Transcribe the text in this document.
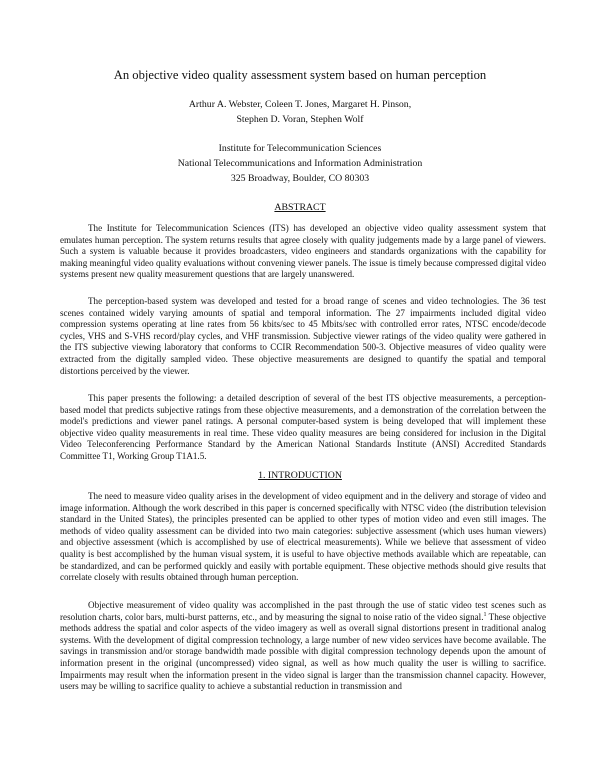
An objective video quality assessment system based on human perception
Arthur A. Webster, Coleen T. Jones, Margaret H. Pinson,
Stephen D. Voran, Stephen Wolf
Institute for Telecommunication Sciences
National Telecommunications and Information Administration
325 Broadway, Boulder, CO 80303
ABSTRACT

The Institute for Telecommunication Sciences (ITS) has developed an objective video quality assessment system that emulates human perception. The system returns results that agree closely with quality judgements made by a large panel of viewers. Such a system is valuable because it provides broadcasters, video engineers and standards organizations with the capability for making meaningful video quality evaluations without convening viewer panels. The issue is timely because compressed digital video systems present new quality measurement questions that are largely unanswered.

The perception-based system was developed and tested for a broad range of scenes and video technologies. The 36 test scenes contained widely varying amounts of spatial and temporal information. The 27 impairments included digital video compression systems operating at line rates from 56 kbits/sec to 45 Mbits/sec with controlled error rates, NTSC encode/decode cycles, VHS and S-VHS record/play cycles, and VHF transmission. Subjective viewer ratings of the video quality were gathered in the ITS subjective viewing laboratory that conforms to CCIR Recommendation 500-3. Objective measures of video quality were extracted from the digitally sampled video. These objective measurements are designed to quantify the spatial and temporal distortions perceived by the viewer.

This paper presents the following: a detailed description of several of the best ITS objective measurements, a perception-based model that predicts subjective ratings from these objective measurements, and a demonstration of the correlation between the model's predictions and viewer panel ratings. A personal computer-based system is being developed that will implement these objective video quality measurements in real time. These video quality measures are being considered for inclusion in the Digital Video Teleconferencing Performance Standard by the American National Standards Institute (ANSI) Accredited Standards Committee T1, Working Group T1A1.5.

1. INTRODUCTION

The need to measure video quality arises in the development of video equipment and in the delivery and storage of video and image information. Although the work described in this paper is concerned specifically with NTSC video (the distribution television standard in the United States), the principles presented can be applied to other types of motion video and even still images. The methods of video quality assessment can be divided into two main categories: subjective assessment (which uses human viewers) and objective assessment (which is accomplished by use of electrical measurements). While we believe that assessment of video quality is best accomplished by the human visual system, it is useful to have objective methods available which are repeatable, can be standardized, and can be performed quickly and easily with portable equipment. These objective methods should give results that correlate closely with results obtained through human perception.

Objective measurement of video quality was accomplished in the past through the use of static video test scenes such as resolution charts, color bars, multi-burst patterns, etc., and by measuring the signal to noise ratio of the video signal.$^1$ These objective methods address the spatial and color aspects of the video imagery as well as overall signal distortions present in traditional analog systems. With the development of digital compression technology, a large number of new video services have become available. The savings in transmission and/or storage bandwidth made possible with digital compression technology depends upon the amount of information present in the original (uncompressed) video signal, as well as how much quality the user is willing to sacrifice. Impairments may result when the information present in the video signal is larger than the transmission channel capacity. However, users may be willing to sacrifice quality to achieve a substantial reduction in transmission and
